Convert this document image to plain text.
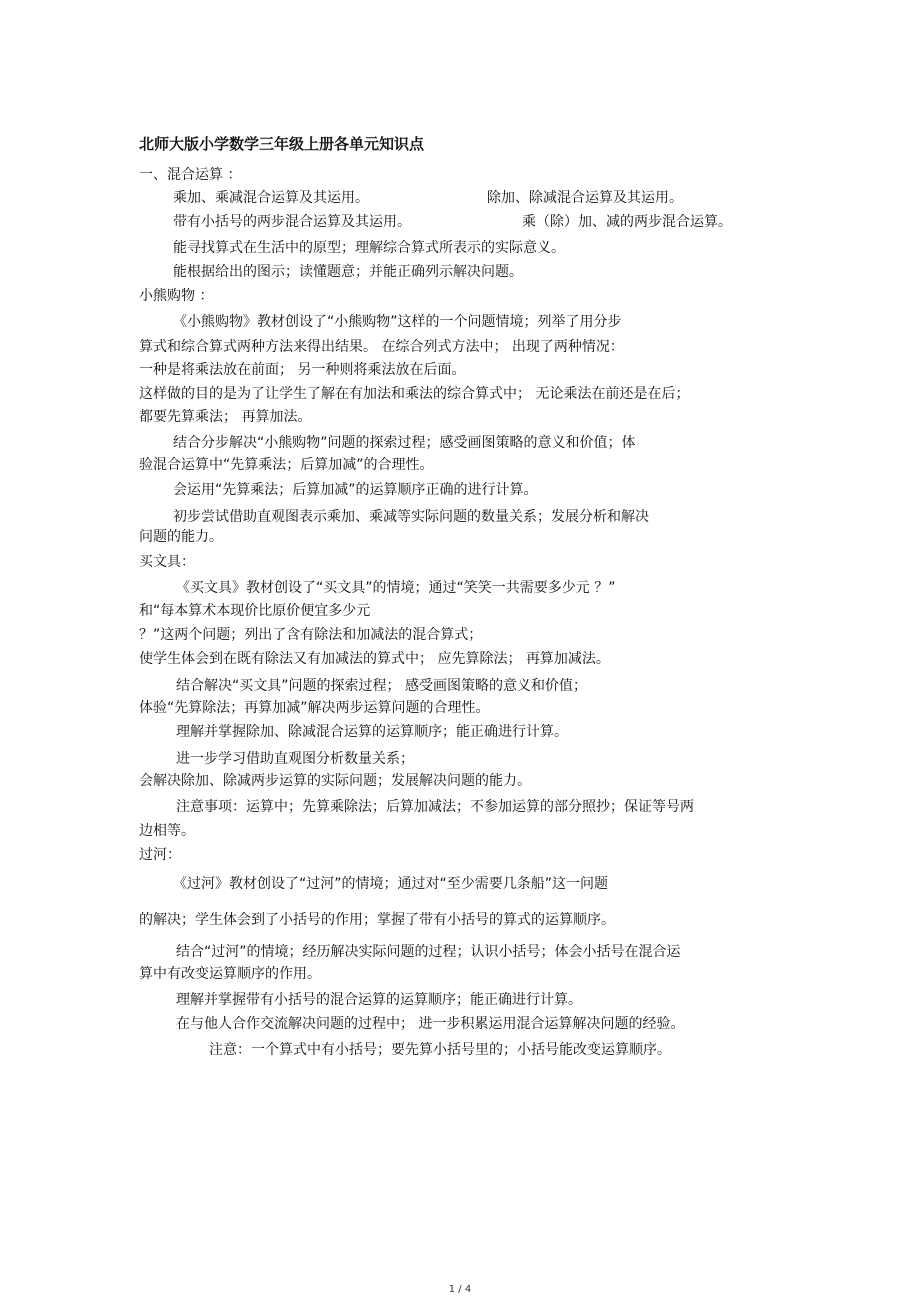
北师大版小学数学三年级上册各单元知识点

一、混合运算 ：

乘加、乘减混合运算及其运用。	除加、除减混合运算及其运用。

带有小括号的两步混合运算及其运用。	乘（除）加、减的两步混合运算。

能寻找算式在生活中的原型；理解综合算式所表示的实际意义。

能根据给出的图示；读懂题意；并能正确列示解决问题。

小熊购物 ：

《小熊购物》教材创设了“小熊购物”这样的一个问题情境；列举了用分步

算式和综合算式两种方法来得出结果。 在综合列式方法中； 出现了两种情况：

一种是将乘法放在前面； 另一种则将乘法放在后面。

这样做的目的是为了让学生了解在有加法和乘法的综合算式中； 无论乘法在前还是在后；

都要先算乘法； 再算加法。

结合分步解决“小熊购物”问题的探索过程；感受画图策略的意义和价值；体

验混合运算中“先算乘法；后算加减”的合理性。

会运用“先算乘法；后算加减”的运算顺序正确的进行计算。

初步尝试借助直观图表示乘加、乘减等实际问题的数量关系；发展分析和解决

问题的能力。

买文具：

《买文具》教材创设了“买文具”的情境；通过“笑笑一共需要多少元 ？”

和“每本算术本现价比原价便宜多少元

？”这两个问题；列出了含有除法和加减法的混合算式；

使学生体会到在既有除法又有加减法的算式中； 应先算除法； 再算加减法。

结合解决“买文具”问题的探索过程； 感受画图策略的意义和价值；

体验“先算除法；再算加减”解决两步运算问题的合理性。

理解并掌握除加、除减混合运算的运算顺序；能正确进行计算。

进一步学习借助直观图分析数量关系；

会解决除加、除减两步运算的实际问题；发展解决问题的能力。

注意事项：运算中；先算乘除法；后算加减法；不参加运算的部分照抄；保证等号两

边相等。

过河：

《过河》教材创设了“过河”的情境；通过对“至少需要几条船”这一问题

的解决；学生体会到了小括号的作用；掌握了带有小括号的算式的运算顺序。

结合“过河”的情境；经历解决实际问题的过程；认识小括号；体会小括号在混合运

算中有改变运算顺序的作用。

理解并掌握带有小括号的混合运算的运算顺序；能正确进行计算。

在与他人合作交流解决问题的过程中； 进一步积累运用混合运算解决问题的经验。

注意：一个算式中有小括号；要先算小括号里的；小括号能改变运算顺序。

1 / 4
